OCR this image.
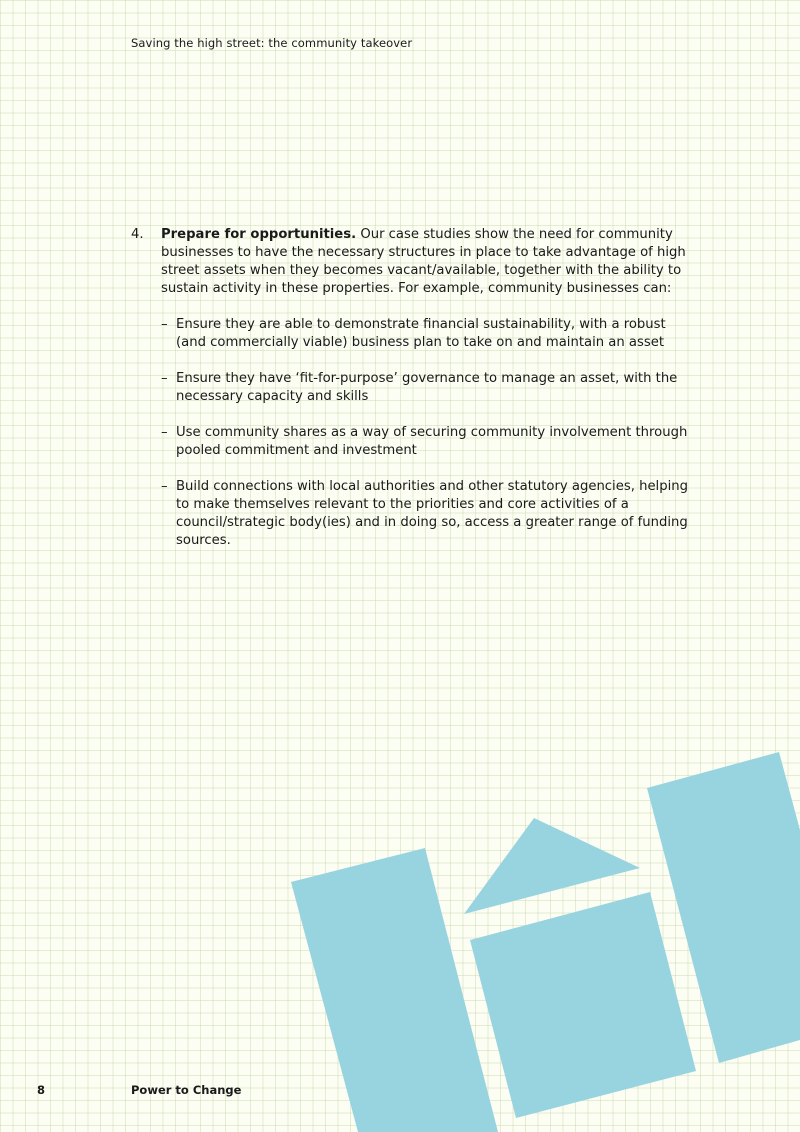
Saving the high street: the community takeover
4. Prepare for opportunities. Our case studies show the need for community businesses to have the necessary structures in place to take advantage of high street assets when they becomes vacant/available, together with the ability to sustain activity in these properties. For example, community businesses can:
– Ensure they are able to demonstrate financial sustainability, with a robust (and commercially viable) business plan to take on and maintain an asset
– Ensure they have ‘fit-for-purpose’ governance to manage an asset, with the necessary capacity and skills
– Use community shares as a way of securing community involvement through pooled commitment and investment
– Build connections with local authorities and other statutory agencies, helping to make themselves relevant to the priorities and core activities of a council/strategic body(ies) and in doing so, access a greater range of funding sources.
8	Power to Change
